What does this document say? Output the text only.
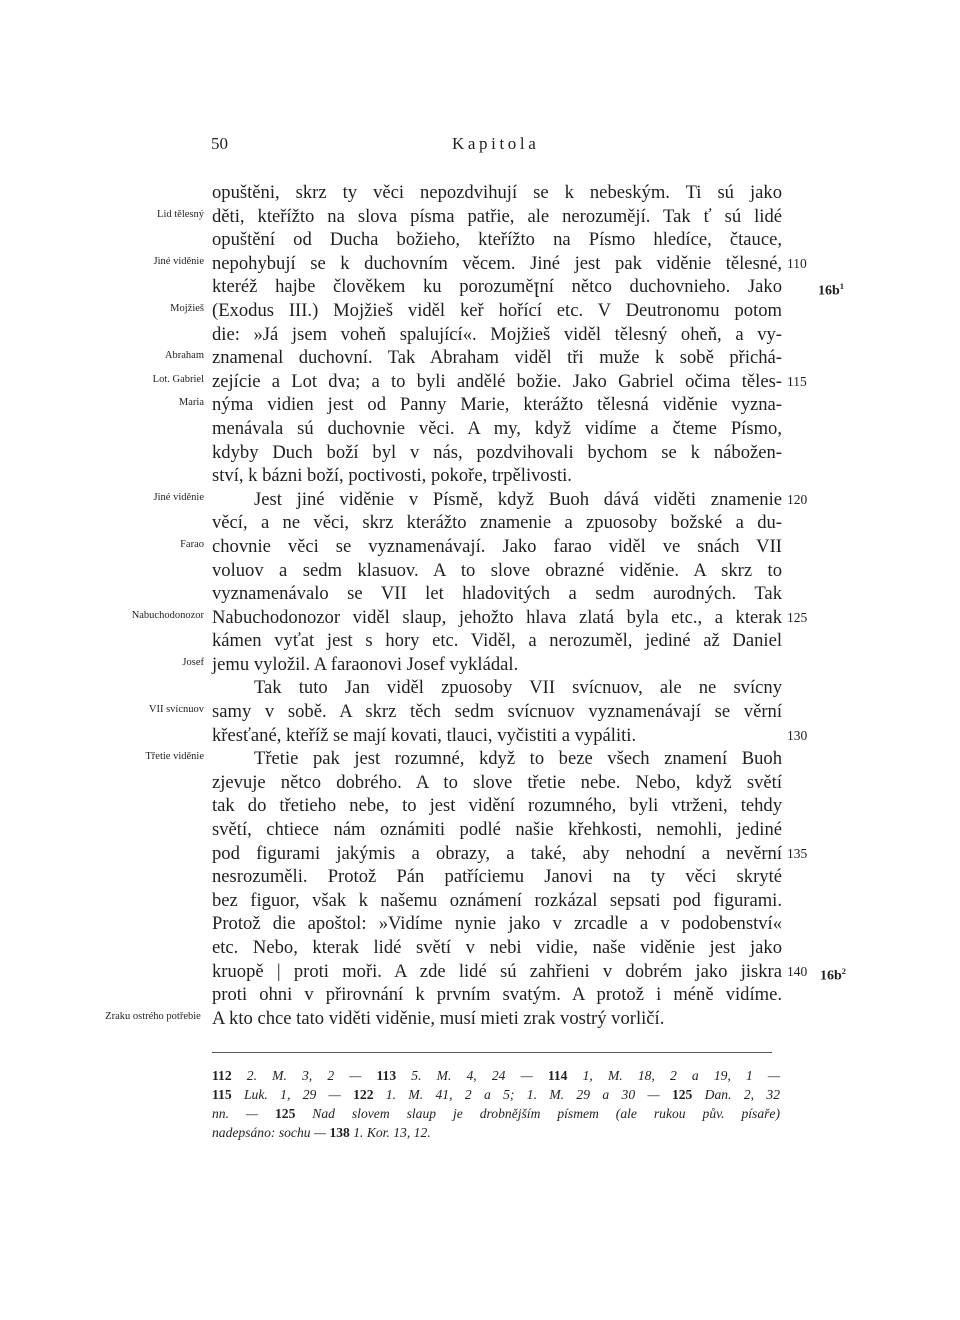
50	Kapitola
opuštěni, skrz ty věci nepozdvihují se k nebeským. Ti sú jako
děti, kteřížto na slova písma patřie, ale nerozumějí. Tak ť sú lidé
Lid tělesný
opuštění od Ducha božieho, kteřížto na Písmo hledíce, čtauce,
nepohybují se k duchovním věcem. Jiné jest pak viděnie tělesné,
Jiné viděnie	110
kteréž hajbe člověkem ku porozuměꞁní nětco duchovnieho. Jako	$16b^1$
(Exodus III.) Mojžieš viděl keř hořící etc. V Deutronomu potom
Mojžieš
die: »Já jsem voheň spalující«. Mojžieš viděl tělesný oheň, a vy-
znamenal duchovní. Tak Abraham viděl tři muže k sobě přichá-
Abraham
zejície a Lot dva; a to byli andělé božie. Jako Gabriel očima těles-
Lot. Gabriel	115
nýma vidien jest od Panny Marie, kterážto tělesná viděnie vyzna-
Maria
menávala sú duchovnie věci. A my, když vidíme a čteme Písmo,
kdyby Duch boží byl v nás, pozdvihovali bychom se k nábožen-
ství, k bázni boží, poctivosti, pokoře, trpělivosti.
Jest jiné viděnie v Písmě, když Buoh dává viděti znamenie
Jiné viděnie	120
věcí, a ne věci, skrz kterážto znamenie a zpuosoby božské a du-
chovnie věci se vyznamenávají. Jako farao viděl ve snách VII
Farao
voluov a sedm klasuov. A to slove obrazné viděnie. A skrz to
vyznamenávalo se VII let hladovitých a sedm aurodných. Tak
Nabuchodonozor viděl slaup, jehožto hlava zlatá byla etc., a kterak
Nabuchodonozor	125
kámen vyťat jest s hory etc. Viděl, a nerozuměl, jediné až Daniel
jemu vyložil. A faraonovi Josef vykládal.
Josef
Tak tuto Jan viděl zpuosoby VII svícnuov, ale ne svícny
samy v sobě. A skrz těch sedm svícnuov vyznamenávají se věrní
VII svícnuov
křesťané, kteříž se mají kovati, tlauci, vyčistiti a vypáliti.	130
Třetie pak jest rozumné, když to beze všech znamení Buoh
Třetie viděnie
zjevuje nětco dobrého. A to slove třetie nebe. Nebo, když světí
tak do třetieho nebe, to jest vidění rozumného, byli vtrženi, tehdy
světí, chtiece nám oznámiti podlé našie křehkosti, nemohli, jediné
pod figurami jakýmis a obrazy, a také, aby nehodní a nevěrní 135
nesrozuměli. Protož Pán patříciemu Janovi na ty věci skryté
bez figuor, však k našemu oznámení rozkázal sepsati pod figurami.
Protož die apoštol: »Vidíme nynie jako v zrcadle a v podobenství«
etc. Nebo, kterak lidé světí v nebi vidie, naše viděnie jest jako
kruopě | proti moři. A zde lidé sú zahřieni v dobrém jako jiskra 140 $16b^2$
proti ohni v přirovnání k prvním svatým. A protož i méně vidíme.
A kto chce tato viděti viděnie, musí mieti zrak vostrý vorličí.
Zraku ostrého potřebie
112 2. M. 3, 2 — 113 5. M. 4, 24 — 114 1, M. 18, 2 a 19, 1 —
115 Luk. 1, 29 — 122 1. M. 41, 2 a 5; 1. M. 29 a 30 — 125 Dan. 2, 32
nn. — 125 Nad slovem slaup je drobnějším písmem (ale rukou pův. písaře)
nadepsáno: sochu — 138 1. Kor. 13, 12.
